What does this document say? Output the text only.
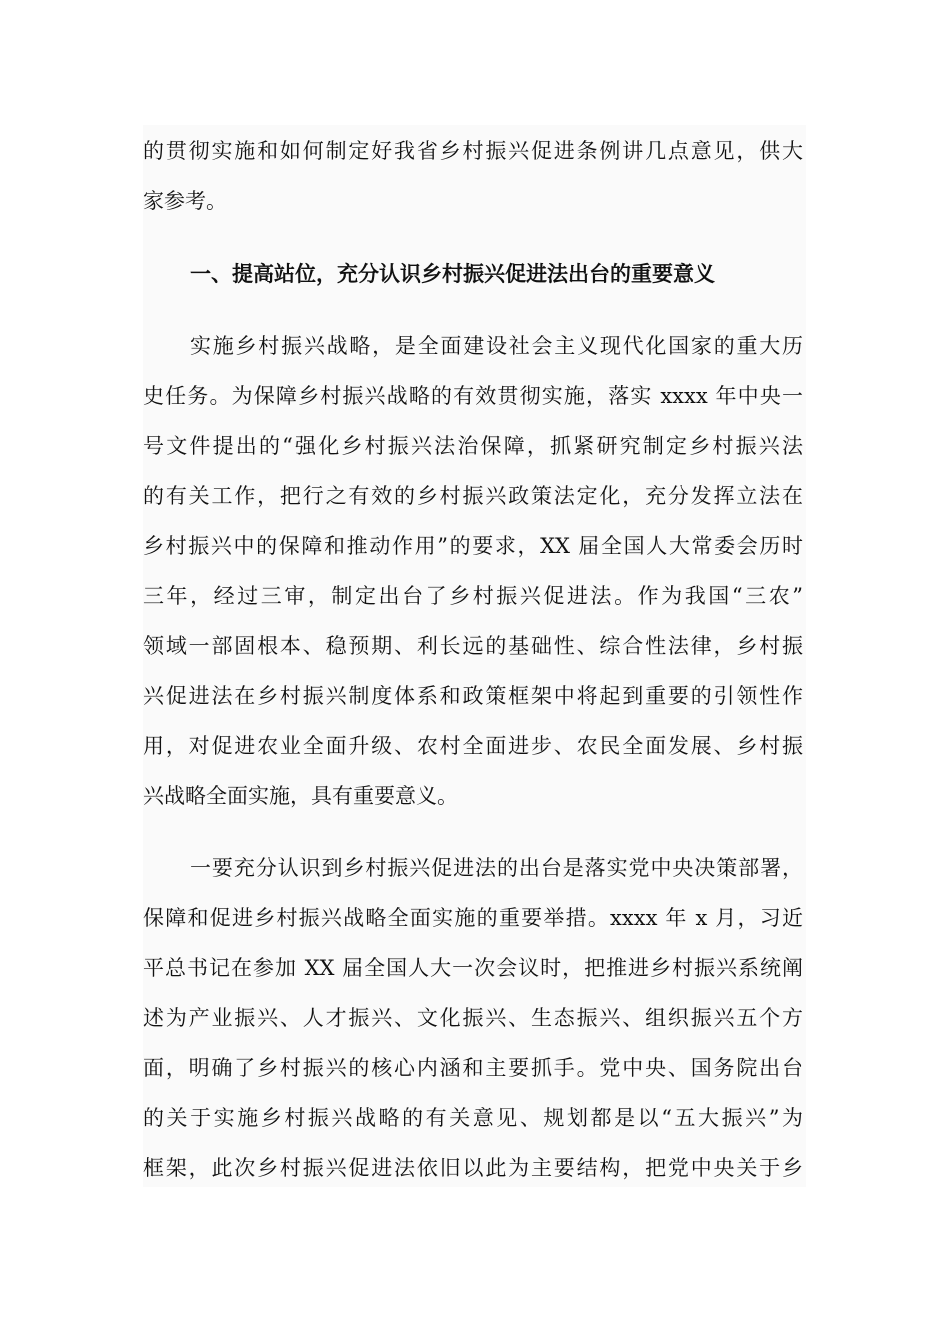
的贯彻实施和如何制定好我省乡村振兴促进条例讲几点意见，供大
家参考。
一、提高站位，充分认识乡村振兴促进法出台的重要意义
实施乡村振兴战略，是全面建设社会主义现代化国家的重大历
史任务。为保障乡村振兴战略的有效贯彻实施，落实 xxxx 年中央一
号文件提出的“强化乡村振兴法治保障，抓紧研究制定乡村振兴法
的有关工作，把行之有效的乡村振兴政策法定化，充分发挥立法在
乡村振兴中的保障和推动作用”的要求，XX 届全国人大常委会历时
三年，经过三审，制定出台了乡村振兴促进法。作为我国“三农”
领域一部固根本、稳预期、利长远的基础性、综合性法律，乡村振
兴促进法在乡村振兴制度体系和政策框架中将起到重要的引领性作
用，对促进农业全面升级、农村全面进步、农民全面发展、乡村振
兴战略全面实施，具有重要意义。
一要充分认识到乡村振兴促进法的出台是落实党中央决策部署，
保障和促进乡村振兴战略全面实施的重要举措。xxxx 年 x 月，习近
平总书记在参加 XX 届全国人大一次会议时，把推进乡村振兴系统阐
述为产业振兴、人才振兴、文化振兴、生态振兴、组织振兴五个方
面，明确了乡村振兴的核心内涵和主要抓手。党中央、国务院出台
的关于实施乡村振兴战略的有关意见、规划都是以“五大振兴”为
框架，此次乡村振兴促进法依旧以此为主要结构，把党中央关于乡
